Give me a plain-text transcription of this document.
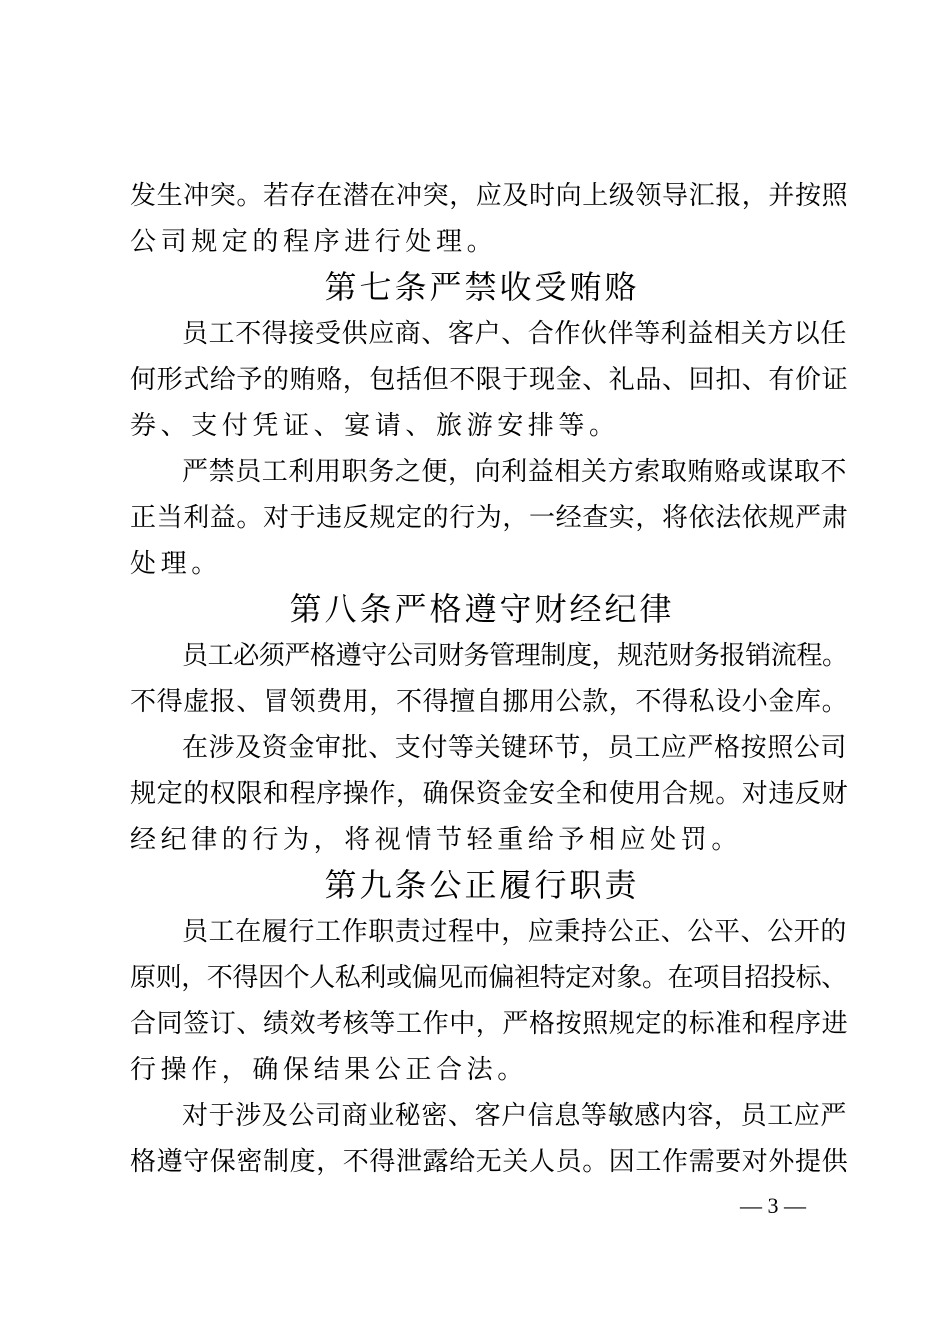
发生冲突。若存在潜在冲突，应及时向上级领导汇报，并按照
公司规定的程序进行处理。
第七条严禁收受贿赂
员工不得接受供应商、客户、合作伙伴等利益相关方以任
何形式给予的贿赂，包括但不限于现金、礼品、回扣、有价证
券、支付凭证、宴请、旅游安排等。
严禁员工利用职务之便，向利益相关方索取贿赂或谋取不
正当利益。对于违反规定的行为，一经查实，将依法依规严肃
处理。
第八条严格遵守财经纪律
员工必须严格遵守公司财务管理制度，规范财务报销流程。
不得虚报、冒领费用，不得擅自挪用公款，不得私设小金库。
在涉及资金审批、支付等关键环节，员工应严格按照公司
规定的权限和程序操作，确保资金安全和使用合规。对违反财
经纪律的行为，将视情节轻重给予相应处罚。
第九条公正履行职责
员工在履行工作职责过程中，应秉持公正、公平、公开的
原则，不得因个人私利或偏见而偏袒特定对象。在项目招投标、
合同签订、绩效考核等工作中，严格按照规定的标准和程序进
行操作，确保结果公正合法。
对于涉及公司商业秘密、客户信息等敏感内容，员工应严
格遵守保密制度，不得泄露给无关人员。因工作需要对外提供
— 3 —
